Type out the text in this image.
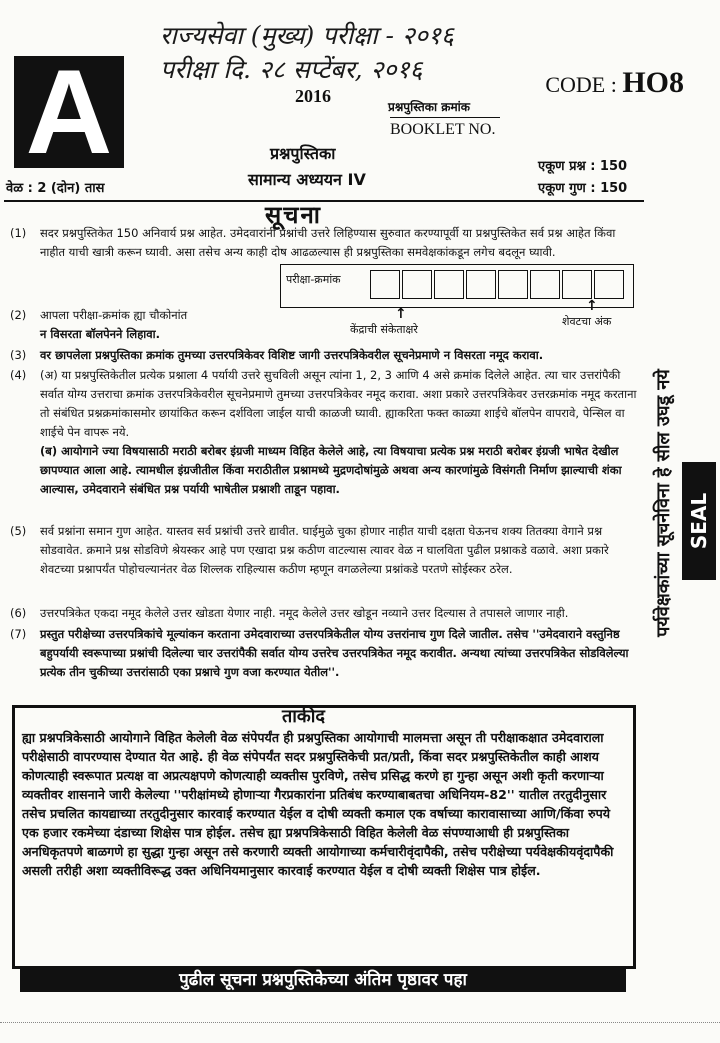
राज्यसेवा (मुख्य) परीक्षा - २०१६
परीक्षा दि. २८ सप्टेंबर, २०१६
A	CODE : HO8
2016
प्रश्नपुस्तिका क्रमांक
BOOKLET NO.
प्रश्नपुस्तिका
सामान्य अध्ययन IV
एकूण प्रश्न : 150
एकूण गुण : 150
वेळ : 2 (दोन) तास
सूचना
(1) सदर प्रश्नपुस्तिकेत 150 अनिवार्य प्रश्न आहेत. उमेदवारांनी प्रश्नांची उत्तरे लिहिण्यास सुरुवात करण्यापूर्वी या प्रश्नपुस्तिकेत सर्व प्रश्न आहेत किंवा नाहीत याची खात्री करून घ्यावी. असा तसेच अन्य काही दोष आढळल्यास ही प्रश्नपुस्तिका समवेक्षकांकडून लगेच बदलून घ्यावी.
परीक्षा-क्रमांक
↑	↑
केंद्राची संकेताक्षरे
शेवटचा अंक
(2) आपला परीक्षा-क्रमांक ह्या चौकोनांत
न विसरता बॉलपेनने लिहावा.
(3) वर छापलेला प्रश्नपुस्तिका क्रमांक तुमच्या उत्तरपत्रिकेवर विशिष्ट जागी उत्तरपत्रिकेवरील सूचनेप्रमाणे न विसरता नमूद करावा.
(4) (अ) या प्रश्नपुस्तिकेतील प्रत्येक प्रश्नाला 4 पर्यायी उत्तरे सुचविली असून त्यांना 1, 2, 3 आणि 4 असे क्रमांक दिलेले आहेत. त्या चार उत्तरांपैकी सर्वात योग्य उत्तराचा क्रमांक उत्तरपत्रिकेवरील सूचनेप्रमाणे तुमच्या उत्तरपत्रिकेवर नमूद करावा. अशा प्रकारे उत्तरपत्रिकेवर उत्तरक्रमांक नमूद करताना तो संबंधित प्रश्नक्रमांकासमोर छायांकित करून दर्शविला जाईल याची काळजी घ्यावी. ह्याकरिता फक्त काळ्या शाईचे बॉलपेन वापरावे, पेन्सिल वा शाईचे पेन वापरू नये.
(ब) आयोगाने ज्या विषयासाठी मराठी बरोबर इंग्रजी माध्यम विहित केलेले आहे, त्या विषयाचा प्रत्येक प्रश्न मराठी बरोबर इंग्रजी भाषेत देखील छापण्यात आला आहे. त्यामधील इंग्रजीतील किंवा मराठीतील प्रश्नामध्ये मुद्रणदोषांमुळे अथवा अन्य कारणांमुळे विसंगती निर्माण झाल्याची शंका आल्यास, उमेदवाराने संबंधित प्रश्न पर्यायी भाषेतील प्रश्नाशी ताडून पहावा.
(5) सर्व प्रश्नांना समान गुण आहेत. यास्तव सर्व प्रश्नांची उत्तरे द्यावीत. घाईमुळे चुका होणार नाहीत याची दक्षता घेऊनच शक्य तितक्या वेगाने प्रश्न सोडवावेत. क्रमाने प्रश्न सोडविणे श्रेयस्कर आहे पण एखादा प्रश्न कठीण वाटल्यास त्यावर वेळ न घालविता पुढील प्रश्नाकडे वळावे. अशा प्रकारे शेवटच्या प्रश्नापर्यंत पोहोचल्यानंतर वेळ शिल्लक राहिल्यास कठीण म्हणून वगळलेल्या प्रश्नांकडे परतणे सोईस्कर ठरेल.
(6) उत्तरपत्रिकेत एकदा नमूद केलेले उत्तर खोडता येणार नाही. नमूद केलेले उत्तर खोडून नव्याने उत्तर दिल्यास ते तपासले जाणार नाही.
(7) प्रस्तुत परीक्षेच्या उत्तरपत्रिकांचे मूल्यांकन करताना उमेदवाराच्या उत्तरपत्रिकेतील योग्य उत्तरांनाच गुण दिले जातील. तसेच ''उमेदवाराने वस्तुनिष्ठ बहुपर्यायी स्वरूपाच्या प्रश्नांची दिलेल्या चार उत्तरांपैकी सर्वात योग्य उत्तरेच उत्तरपत्रिकेत नमूद करावीत. अन्यथा त्यांच्या उत्तरपत्रिकेत सोडविलेल्या प्रत्येक तीन चुकीच्या उत्तरांसाठी एका प्रश्नाचे गुण वजा करण्यात येतील''.
पर्यवेक्षकांच्या सूचनेविना हे सील उघडू नये SEAL
ताकीद
ह्या प्रश्नपत्रिकेसाठी आयोगाने विहित केलेली वेळ संपेपर्यंत ही प्रश्नपुस्तिका आयोगाची मालमत्ता असून ती परीक्षाकक्षात उमेदवाराला परीक्षेसाठी वापरण्यास देण्यात येत आहे. ही वेळ संपेपर्यंत सदर प्रश्नपुस्तिकेची प्रत/प्रती, किंवा सदर प्रश्नपुस्तिकेतील काही आशय कोणत्याही स्वरूपात प्रत्यक्ष वा अप्रत्यक्षपणे कोणत्याही व्यक्तीस पुरविणे, तसेच प्रसिद्ध करणे हा गुन्हा असून अशी कृती करणाऱ्या व्यक्तीवर शासनाने जारी केलेल्या ''परीक्षांमध्ये होणाऱ्या गैरप्रकारांना प्रतिबंध करण्याबाबतचा अधिनियम-82'' यातील तरतुदीनुसार तसेच प्रचलित कायद्याच्या तरतुदीनुसार कारवाई करण्यात येईल व दोषी व्यक्ती कमाल एक वर्षाच्या कारावासाच्या आणि/किंवा रुपये एक हजार रकमेच्या दंडाच्या शिक्षेस पात्र होईल. तसेच ह्या प्रश्नपत्रिकेसाठी विहित केलेली वेळ संपण्याआधी ही प्रश्नपुस्तिका अनधिकृतपणे बाळगणे हा सुद्धा गुन्हा असून तसे करणारी व्यक्ती आयोगाच्या कर्मचारीवृंदापैकी, तसेच परीक्षेच्या पर्यवेक्षकीयवृंदापैकी असली तरीही अशा व्यक्तीविरूद्ध उक्त अधिनियमानुसार कारवाई करण्यात येईल व दोषी व्यक्ती शिक्षेस पात्र होईल.
पुढील सूचना प्रश्नपुस्तिकेच्या अंतिम पृष्ठावर पहा
